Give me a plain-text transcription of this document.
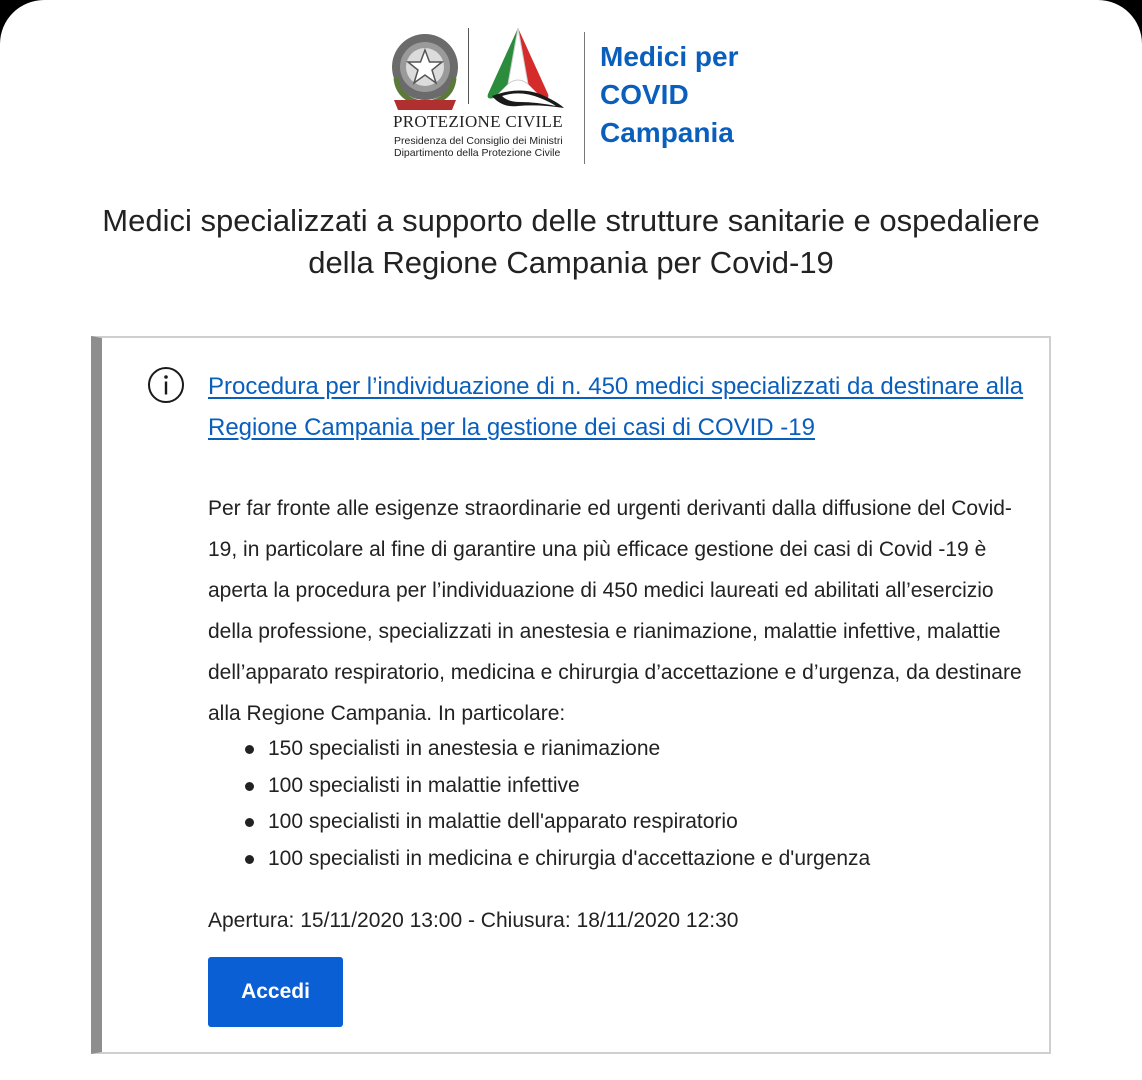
PROTEZIONE CIVILE
Presidenza del Consiglio dei Ministri
Dipartimento della Protezione Civile
Medici per
COVID
Campania
Medici specializzati a supporto delle strutture sanitarie e ospedaliere della Regione Campania per Covid-19
Procedura per l’individuazione di n. 450 medici specializzati da destinare alla Regione Campania per la gestione dei casi di COVID -19
Per far fronte alle esigenze straordinarie ed urgenti derivanti dalla diffusione del Covid-19, in particolare al fine di garantire una più efficace gestione dei casi di Covid -19 è aperta la procedura per l’individuazione di 450 medici laureati ed abilitati all’esercizio della professione, specializzati in anestesia e rianimazione, malattie infettive, malattie dell’apparato respiratorio, medicina e chirurgia d’accettazione e d’urgenza, da destinare alla Regione Campania. In particolare:
150 specialisti in anestesia e rianimazione
100 specialisti in malattie infettive
100 specialisti in malattie dell'apparato respiratorio
100 specialisti in medicina e chirurgia d'accettazione e d'urgenza
Apertura: 15/11/2020 13:00 - Chiusura: 18/11/2020 12:30
Accedi
